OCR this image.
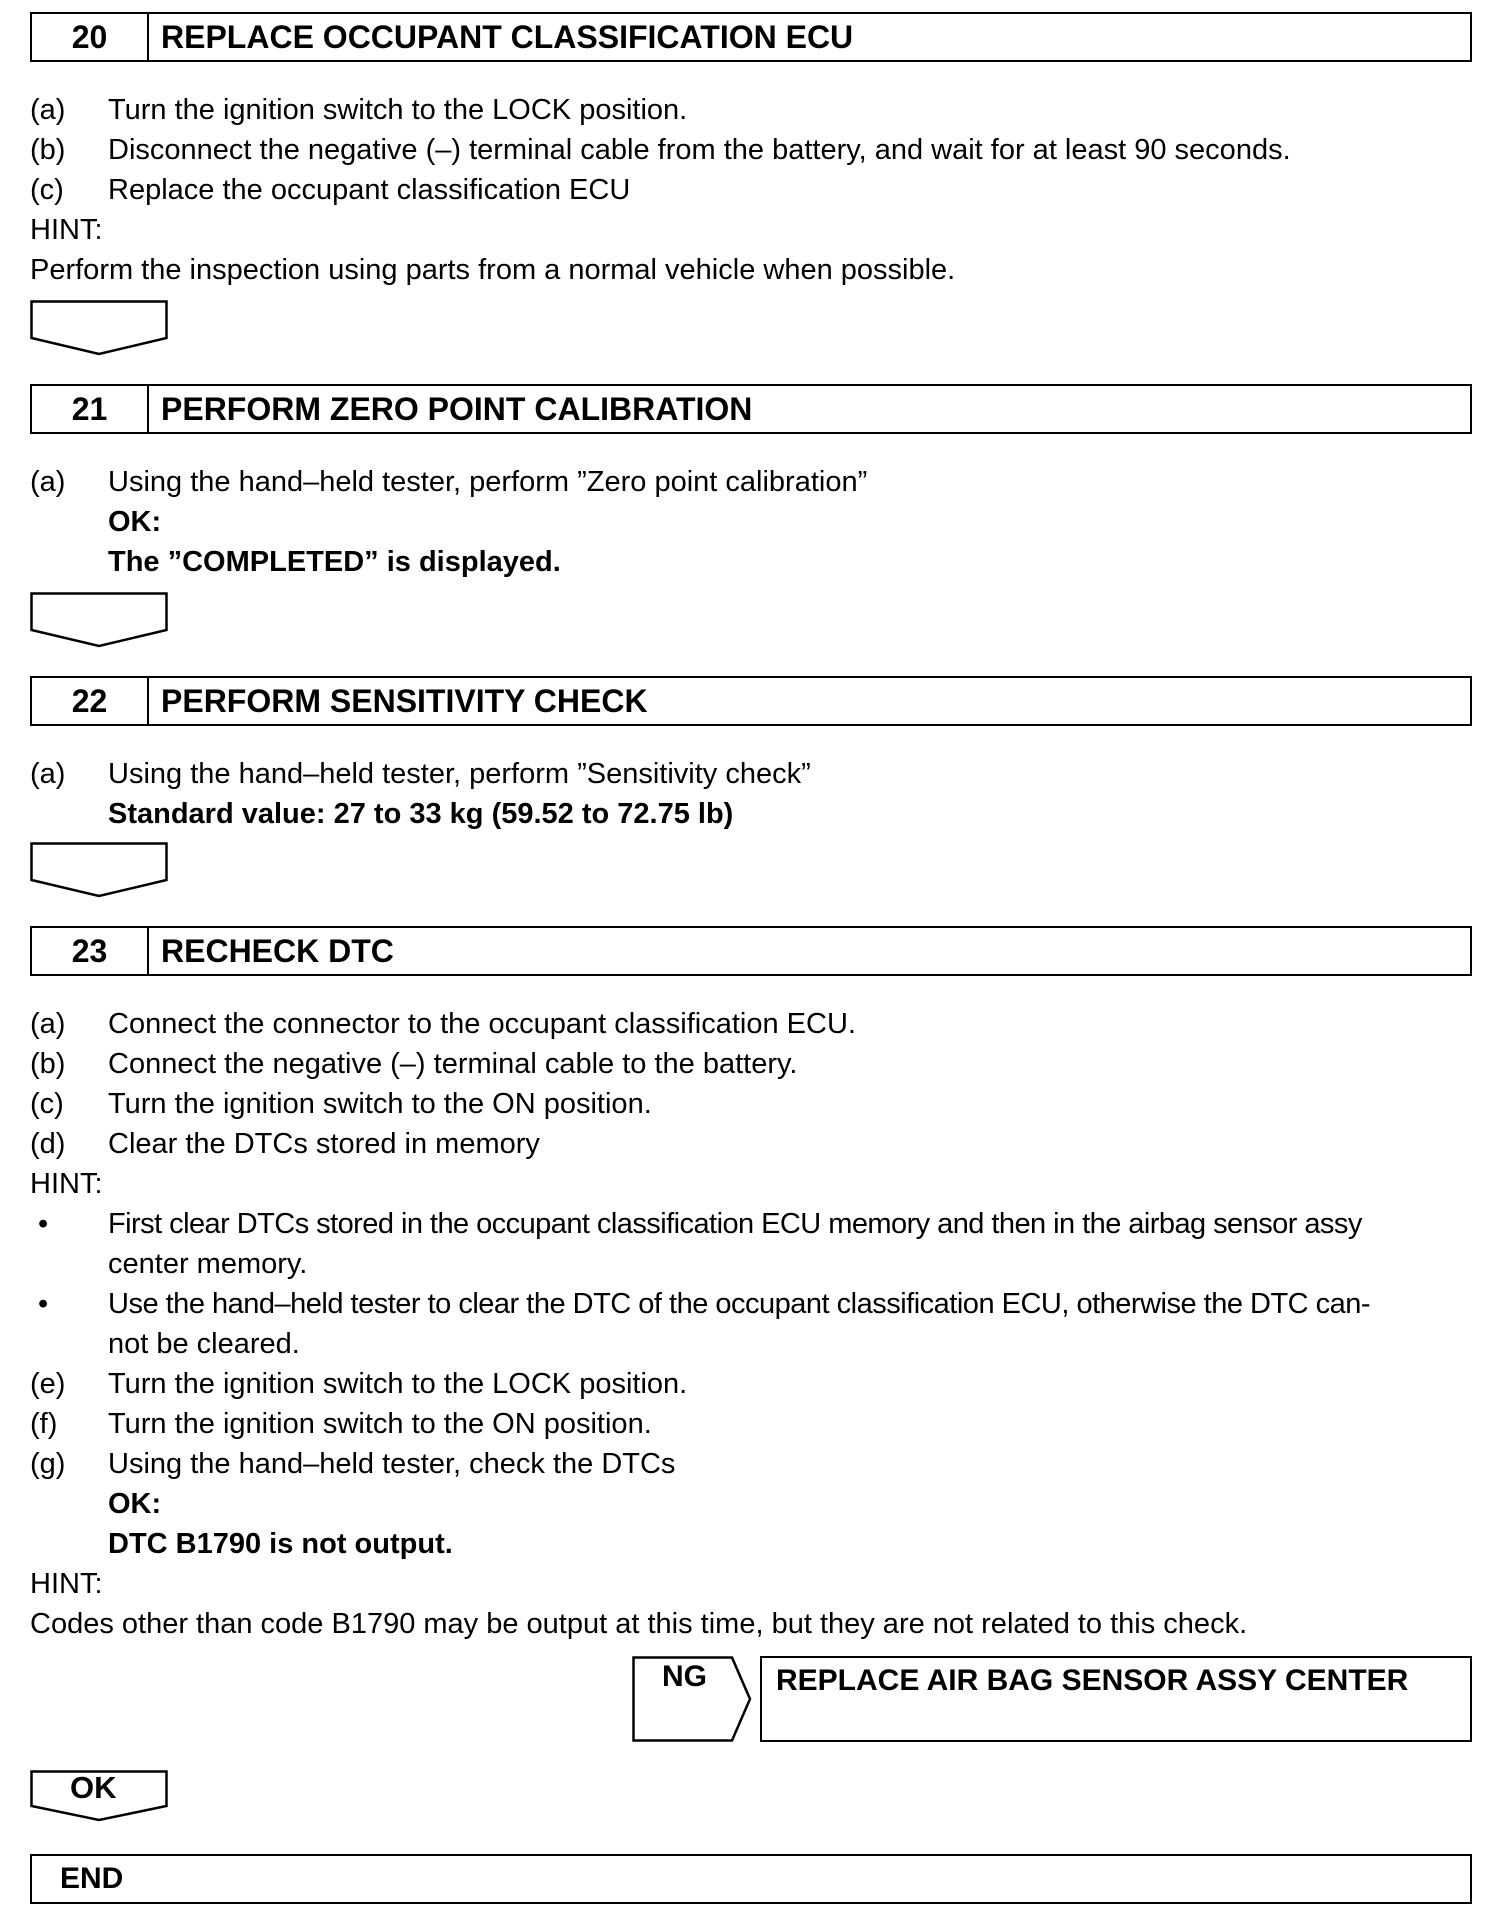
20	REPLACE OCCUPANT CLASSIFICATION ECU
(a) Turn the ignition switch to the LOCK position.
(b) Disconnect the negative (–) terminal cable from the battery, and wait for at least 90 seconds.
(c) Replace the occupant classification ECU
HINT:
Perform the inspection using parts from a normal vehicle when possible.
21	PERFORM ZERO POINT CALIBRATION
(a) Using the hand–held tester, perform ”Zero point calibration”
OK:
The ”COMPLETED” is displayed.
22	PERFORM SENSITIVITY CHECK
(a) Using the hand–held tester, perform ”Sensitivity check”
Standard value: 27 to 33 kg (59.52 to 72.75 lb)
23	RECHECK DTC
(a) Connect the connector to the occupant classification ECU.
(b) Connect the negative (–) terminal cable to the battery.
(c) Turn the ignition switch to the ON position.
(d) Clear the DTCs stored in memory
HINT:
• First clear DTCs stored in the occupant classification ECU memory and then in the airbag sensor assy
center memory.
• Use the hand–held tester to clear the DTC of the occupant classification ECU, otherwise the DTC can-
not be cleared.
(e) Turn the ignition switch to the LOCK position.
(f) Turn the ignition switch to the ON position.
(g) Using the hand–held tester, check the DTCs
OK:
DTC B1790 is not output.
HINT:
Codes other than code B1790 may be output at this time, but they are not related to this check.
NG	REPLACE AIR BAG SENSOR ASSY CENTER
OK
END
